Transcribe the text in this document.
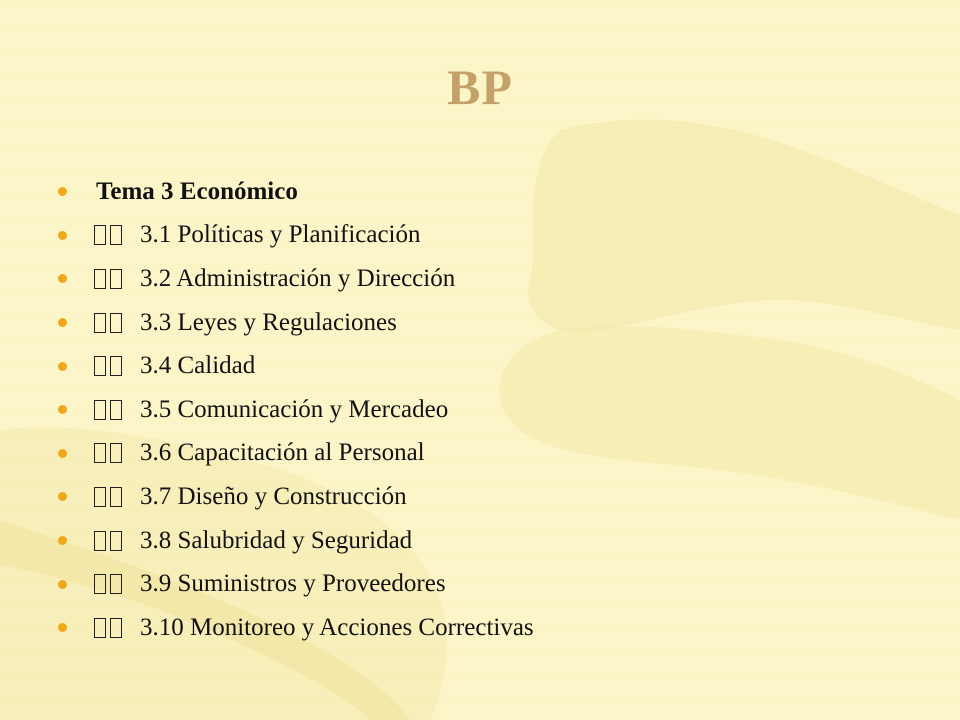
BP
Tema 3 Económico
3.1 Políticas y Planificación
3.2 Administración y Dirección
3.3 Leyes y Regulaciones
3.4 Calidad
3.5 Comunicación y Mercadeo
3.6 Capacitación al Personal
3.7 Diseño y Construcción
3.8 Salubridad y Seguridad
3.9 Suministros y Proveedores
3.10 Monitoreo y Acciones Correctivas
